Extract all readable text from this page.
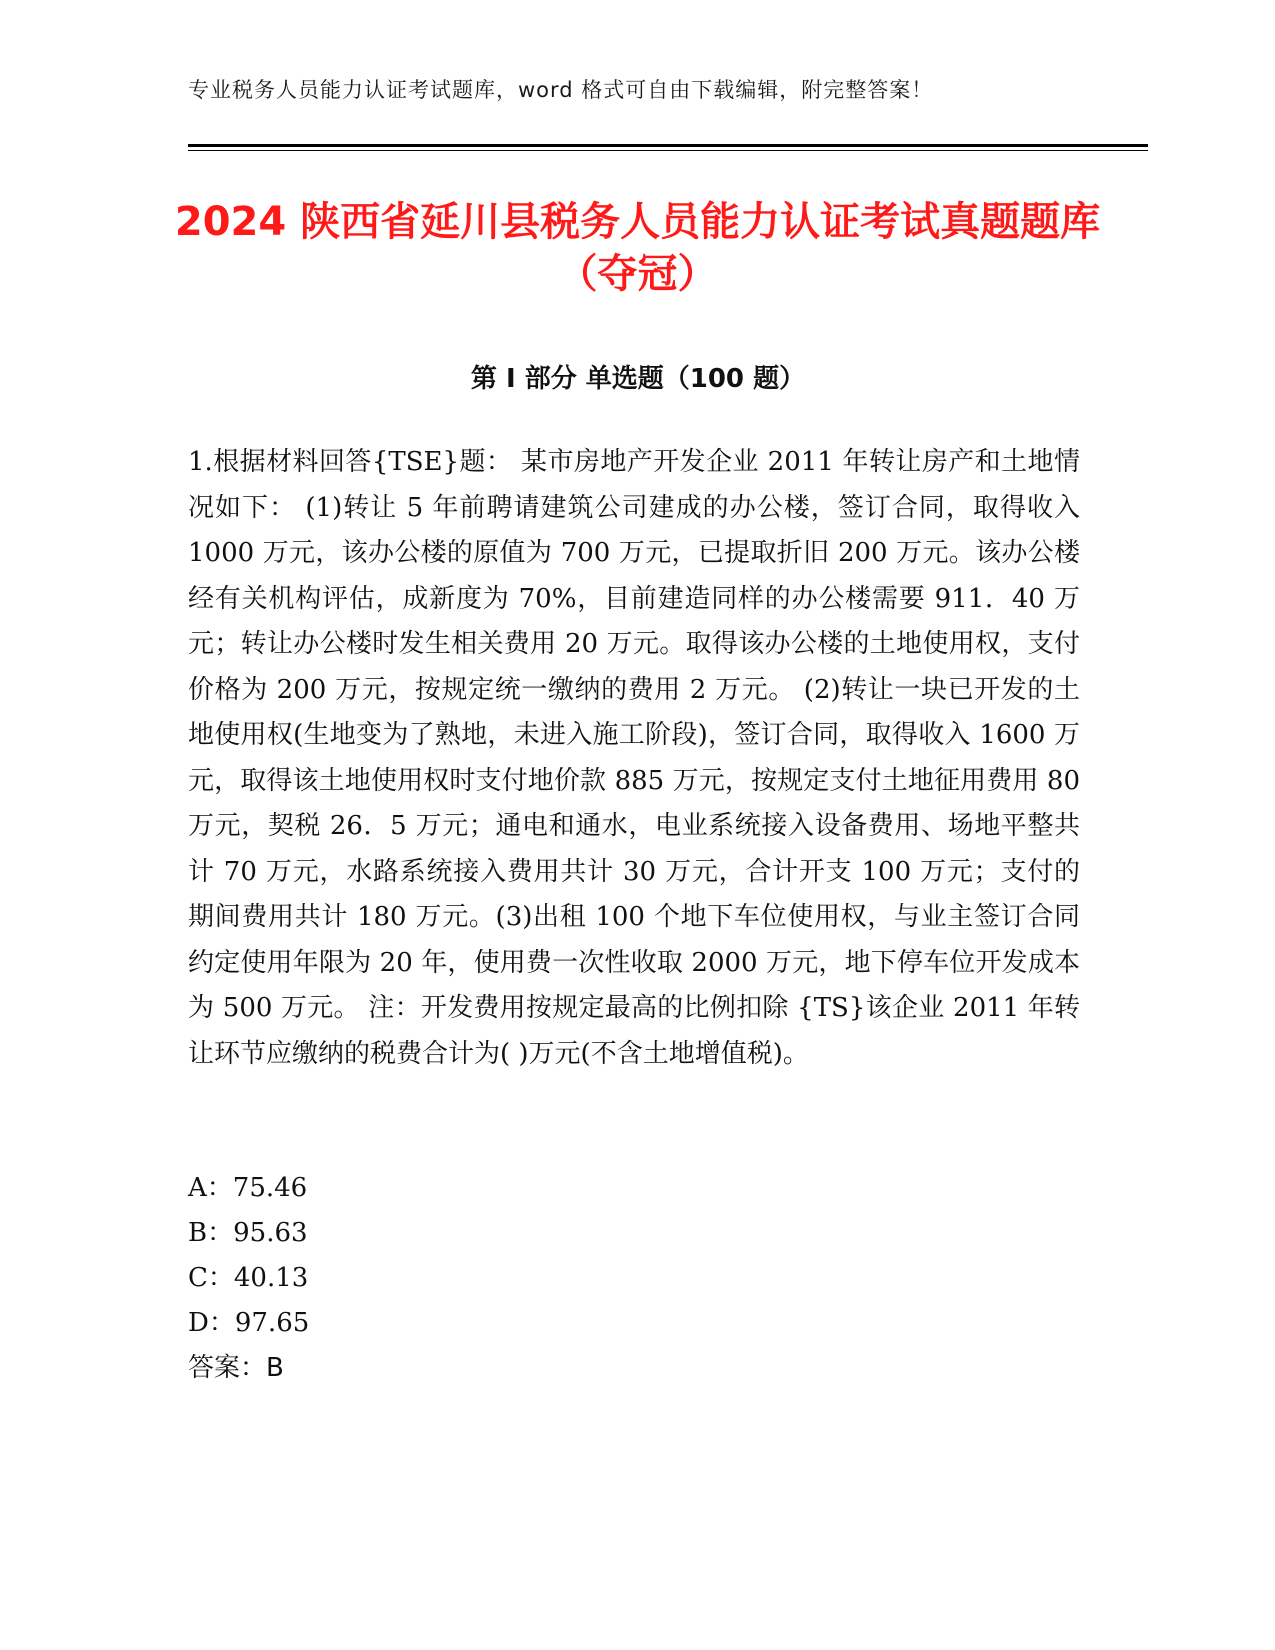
专业税务人员能力认证考试题库，word 格式可自由下载编辑，附完整答案！
2024 陕西省延川县税务人员能力认证考试真题题库（夺冠）
第 I 部分 单选题（100 题）
1.根据材料回答{TSE}题： 某市房地产开发企业 2011 年转让房产和土地情况如下： (1)转让 5 年前聘请建筑公司建成的办公楼，签订合同，取得收入 1000 万元，该办公楼的原值为 700 万元，已提取折旧 200 万元。该办公楼经有关机构评估，成新度为 70%，目前建造同样的办公楼需要 911．40 万元；转让办公楼时发生相关费用 20 万元。取得该办公楼的土地使用权，支付价格为 200 万元，按规定统一缴纳的费用 2 万元。 (2)转让一块已开发的土地使用权(生地变为了熟地，未进入施工阶段)，签订合同，取得收入 1600 万元，取得该土地使用权时支付地价款 885 万元，按规定支付土地征用费用 80 万元，契税 26．5 万元；通电和通水，电业系统接入设备费用、场地平整共计 70 万元，水路系统接入费用共计 30 万元，合计开支 100 万元；支付的期间费用共计 180 万元。(3)出租 100 个地下车位使用权，与业主签订合同约定使用年限为 20 年，使用费一次性收取 2000 万元，地下停车位开发成本为 500 万元。 注：开发费用按规定最高的比例扣除 {TS}该企业 2011 年转让环节应缴纳的税费合计为( )万元(不含土地增值税)。
A：75.46
B：95.63
C：40.13
D：97.65
答案：B
